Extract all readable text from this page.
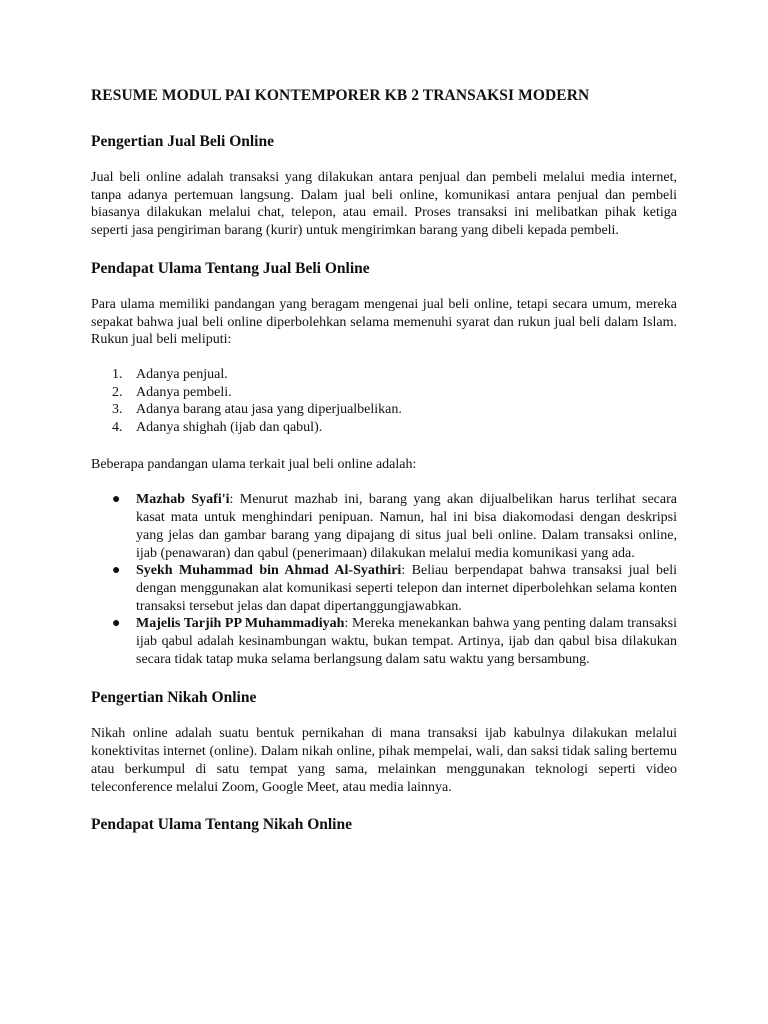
RESUME MODUL PAI KONTEMPORER KB 2 TRANSAKSI MODERN
Pengertian Jual Beli Online

Jual beli online adalah transaksi yang dilakukan antara penjual dan pembeli melalui media internet, tanpa adanya pertemuan langsung. Dalam jual beli online, komunikasi antara penjual dan pembeli biasanya dilakukan melalui chat, telepon, atau email. Proses transaksi ini melibatkan pihak ketiga seperti jasa pengiriman barang (kurir) untuk mengirimkan barang yang dibeli kepada pembeli.

Pendapat Ulama Tentang Jual Beli Online

Para ulama memiliki pandangan yang beragam mengenai jual beli online, tetapi secara umum, mereka sepakat bahwa jual beli online diperbolehkan selama memenuhi syarat dan rukun jual beli dalam Islam. Rukun jual beli meliputi:

1. Adanya penjual.
2. Adanya pembeli.
3. Adanya barang atau jasa yang diperjualbelikan.
4. Adanya shighah (ijab dan qabul).

Beberapa pandangan ulama terkait jual beli online adalah:

● Mazhab Syafi'i: Menurut mazhab ini, barang yang akan dijualbelikan harus terlihat secara kasat mata untuk menghindari penipuan. Namun, hal ini bisa diakomodasi dengan deskripsi yang jelas dan gambar barang yang dipajang di situs jual beli online. Dalam transaksi online, ijab (penawaran) dan qabul (penerimaan) dilakukan melalui media komunikasi yang ada.
● Syekh Muhammad bin Ahmad Al-Syathiri: Beliau berpendapat bahwa transaksi jual beli dengan menggunakan alat komunikasi seperti telepon dan internet diperbolehkan selama konten transaksi tersebut jelas dan dapat dipertanggungjawabkan.
● Majelis Tarjih PP Muhammadiyah: Mereka menekankan bahwa yang penting dalam transaksi ijab qabul adalah kesinambungan waktu, bukan tempat. Artinya, ijab dan qabul bisa dilakukan secara tidak tatap muka selama berlangsung dalam satu waktu yang bersambung.
Pengertian Nikah Online

Nikah online adalah suatu bentuk pernikahan di mana transaksi ijab kabulnya dilakukan melalui konektivitas internet (online). Dalam nikah online, pihak mempelai, wali, dan saksi tidak saling bertemu atau berkumpul di satu tempat yang sama, melainkan menggunakan teknologi seperti video teleconference melalui Zoom, Google Meet, atau media lainnya.

Pendapat Ulama Tentang Nikah Online
